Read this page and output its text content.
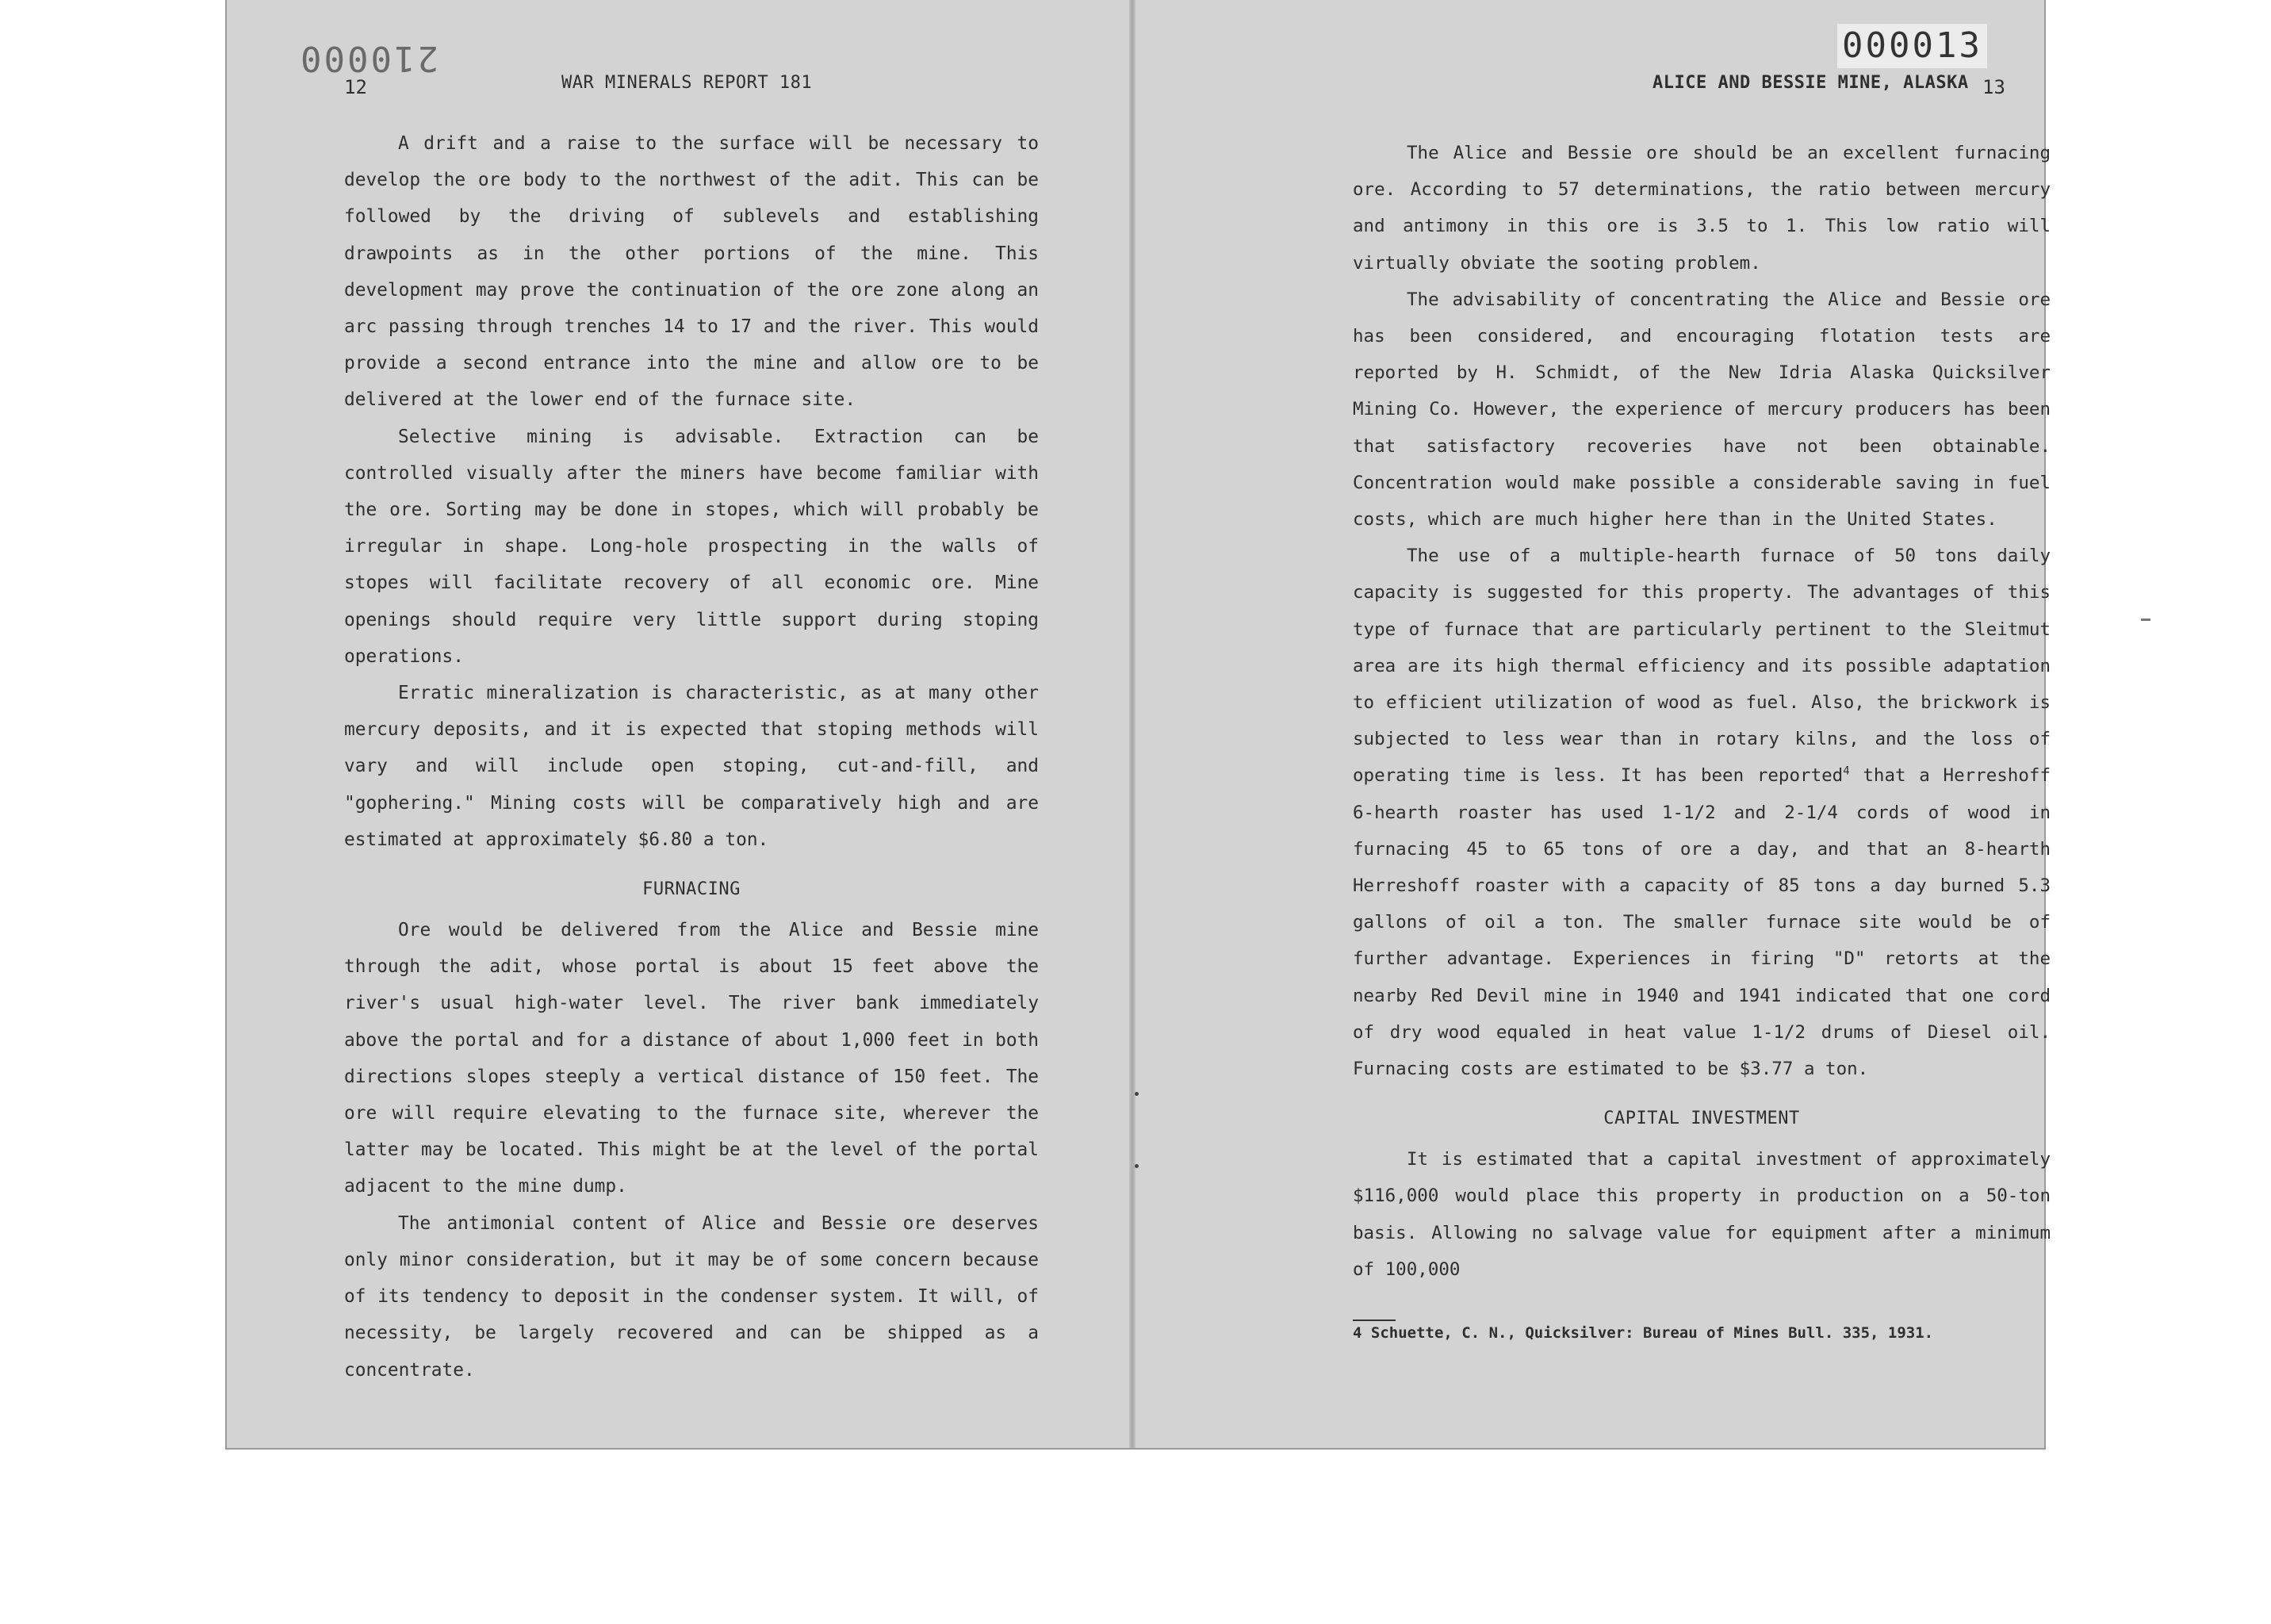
210000
12	WAR MINERALS REPORT 181

A drift and a raise to the surface will be necessary to develop the ore body to the northwest of the adit. This can be followed by the driving of sublevels and establishing drawpoints as in the other portions of the mine. This development may prove the continuation of the ore zone along an arc passing through trenches 14 to 17 and the river. This would provide a second entrance into the mine and allow ore to be delivered at the lower end of the furnace site.

Selective mining is advisable. Extraction can be controlled visually after the miners have become familiar with the ore. Sorting may be done in stopes, which will probably be irregular in shape. Long-hole prospecting in the walls of stopes will facilitate recovery of all economic ore. Mine openings should require very little support during stoping operations.

Erratic mineralization is characteristic, as at many other mercury deposits, and it is expected that stoping methods will vary and will include open stoping, cut-and-fill, and "gophering." Mining costs will be comparatively high and are estimated at approximately $6.80 a ton.

FURNACING

Ore would be delivered from the Alice and Bessie mine through the adit, whose portal is about 15 feet above the river's usual high-water level. The river bank immediately above the portal and for a distance of about 1,000 feet in both directions slopes steeply a vertical distance of 150 feet. The ore will require elevating to the furnace site, wherever the latter may be located. This might be at the level of the portal adjacent to the mine dump.

The antimonial content of Alice and Bessie ore deserves only minor consideration, but it may be of some concern because of its tendency to deposit in the condenser system. It will, of necessity, be largely recovered and can be shipped as a concentrate.

000013
ALICE AND BESSIE MINE, ALASKA 13

The Alice and Bessie ore should be an excellent furnacing ore. According to 57 determinations, the ratio between mercury and antimony in this ore is 3.5 to 1. This low ratio will virtually obviate the sooting problem.

The advisability of concentrating the Alice and Bessie ore has been considered, and encouraging flotation tests are reported by H. Schmidt, of the New Idria Alaska Quicksilver Mining Co. However, the experience of mercury producers has been that satisfactory recoveries have not been obtainable. Concentration would make possible a considerable saving in fuel costs, which are much higher here than in the United States.

The use of a multiple-hearth furnace of 50 tons daily capacity is suggested for this property. The advantages of this type of furnace that are particularly pertinent to the Sleitmut area are its high thermal efficiency and its possible adaptation to efficient utilization of wood as fuel. Also, the brickwork is subjected to less wear than in rotary kilns, and the loss of operating time is less. It has been reported$^4$ that a Herreshoff 6-hearth roaster has used 1-1/2 and 2-1/4 cords of wood in furnacing 45 to 65 tons of ore a day, and that an 8-hearth Herreshoff roaster with a capacity of 85 tons a day burned 5.3 gallons of oil a ton. The smaller furnace site would be of further advantage. Experiences in firing "D" retorts at the nearby Red Devil mine in 1940 and 1941 indicated that one cord of dry wood equaled in heat value 1-1/2 drums of Diesel oil. Furnacing costs are estimated to be $3.77 a ton.

CAPITAL INVESTMENT

It is estimated that a capital investment of approximately $116,000 would place this property in production on a 50-ton basis. Allowing no salvage value for equipment after a minimum of 100,000

4 Schuette, C. N., Quicksilver: Bureau of Mines Bull. 335, 1931.
